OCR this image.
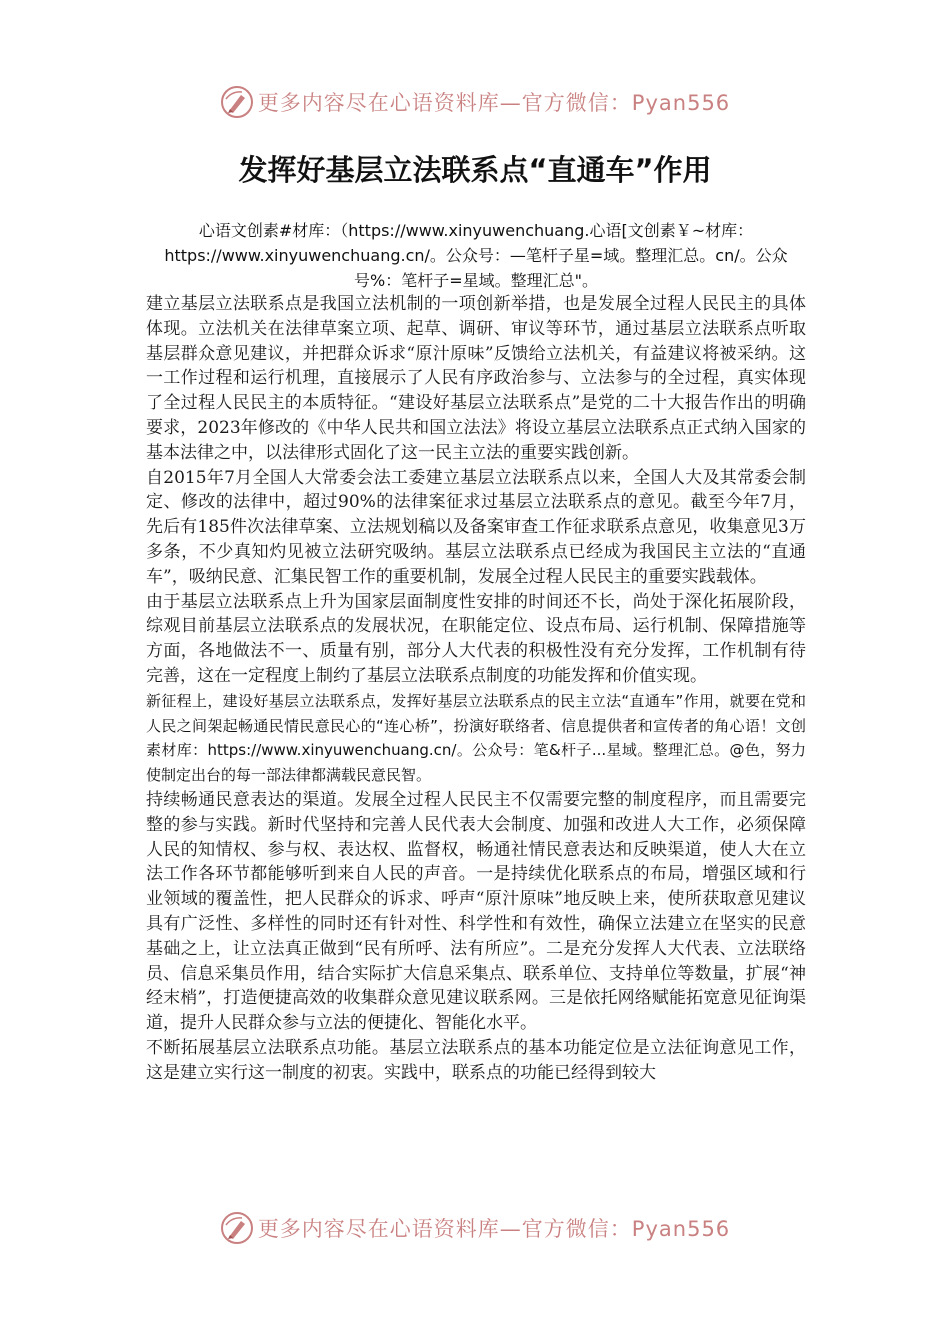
更多内容尽在心语资料库—官方微信：Pyan556
发挥好基层立法联系点“直通车”作用
心语文创素#材库：（https://www.xinyuwenchuang.心语[文创素￥~材库：https://www.xinyuwenchuang.cn/。公众号：—笔杆子星=域。整理汇总。cn/。公众号%：笔杆子=星域。整理汇总"。

建立基层立法联系点是我国立法机制的一项创新举措，也是发展全过程人民民主的具体体现。立法机关在法律草案立项、起草、调研、审议等环节，通过基层立法联系点听取基层群众意见建议，并把群众诉求“原汁原味”反馈给立法机关，有益建议将被采纳。这一工作过程和运行机理，直接展示了人民有序政治参与、立法参与的全过程，真实体现了全过程人民民主的本质特征。“建设好基层立法联系点”是党的二十大报告作出的明确要求，2023年修改的《中华人民共和国立法法》将设立基层立法联系点正式纳入国家的基本法律之中，以法律形式固化了这一民主立法的重要实践创新。

自2015年7月全国人大常委会法工委建立基层立法联系点以来，全国人大及其常委会制定、修改的法律中，超过90%的法律案征求过基层立法联系点的意见。截至今年7月，先后有185件次法律草案、立法规划稿以及备案审查工作征求联系点意见，收集意见3万多条，不少真知灼见被立法研究吸纳。基层立法联系点已经成为我国民主立法的“直通车”，吸纳民意、汇集民智工作的重要机制，发展全过程人民民主的重要实践载体。

由于基层立法联系点上升为国家层面制度性安排的时间还不长，尚处于深化拓展阶段，综观目前基层立法联系点的发展状况，在职能定位、设点布局、运行机制、保障措施等方面，各地做法不一、质量有别，部分人大代表的积极性没有充分发挥，工作机制有待完善，这在一定程度上制约了基层立法联系点制度的功能发挥和价值实现。

新征程上，建设好基层立法联系点，发挥好基层立法联系点的民主立法“直通车”作用，就要在党和人民之间架起畅通民情民意民心的“连心桥”，扮演好联络者、信息提供者和宣传者的角心语！文创素材库：https://www.xinyuwenchuang.cn/。公众号：笔&杆子...星域。整理汇总。@色，努力使制定出台的每一部法律都满载民意民智。

持续畅通民意表达的渠道。发展全过程人民民主不仅需要完整的制度程序，而且需要完整的参与实践。新时代坚持和完善人民代表大会制度、加强和改进人大工作，必须保障人民的知情权、参与权、表达权、监督权，畅通社情民意表达和反映渠道，使人大在立法工作各环节都能够听到来自人民的声音。一是持续优化联系点的布局，增强区域和行业领域的覆盖性，把人民群众的诉求、呼声“原汁原味”地反映上来，使所获取意见建议具有广泛性、多样性的同时还有针对性、科学性和有效性，确保立法建立在坚实的民意基础之上，让立法真正做到“民有所呼、法有所应”。二是充分发挥人大代表、立法联络员、信息采集员作用，结合实际扩大信息采集点、联系单位、支持单位等数量，扩展“神经末梢”，打造便捷高效的收集群众意见建议联系网。三是依托网络赋能拓宽意见征询渠道，提升人民群众参与立法的便捷化、智能化水平。

不断拓展基层立法联系点功能。基层立法联系点的基本功能定位是立法征询意见工作，这是建立实行这一制度的初衷。实践中，联系点的功能已经得到较大

更多内容尽在心语资料库—官方微信：Pyan556
